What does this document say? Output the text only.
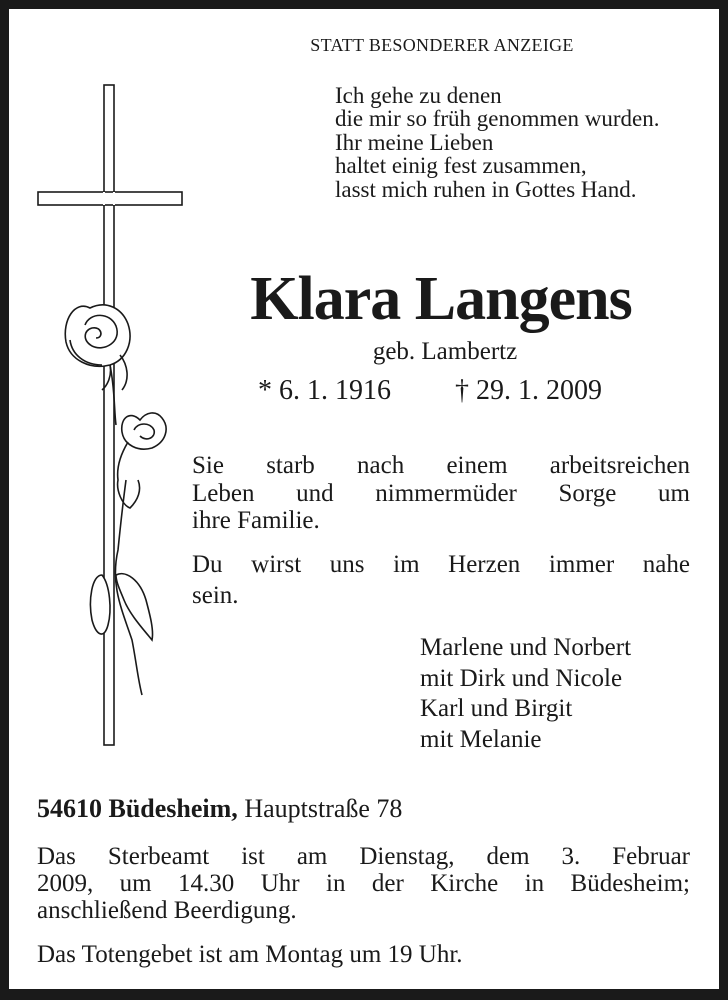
STATT BESONDERER ANZEIGE
Ich gehe zu denen
die mir so früh genommen wurden.
Ihr meine Lieben
haltet einig fest zusammen,
lasst mich ruhen in Gottes Hand.
Klara Langens
geb. Lambertz
* 6. 1. 1916 † 29. 1. 2009
Sie starb nach einem arbeitsreichen
Leben und nimmermüder Sorge um
ihre Familie.
Du wirst uns im Herzen immer nahe
sein.
Marlene und Norbert
mit Dirk und Nicole
Karl und Birgit
mit Melanie
54610 Büdesheim, Hauptstraße 78
Das Sterbeamt ist am Dienstag, dem 3. Februar
2009, um 14.30 Uhr in der Kirche in Büdesheim;
anschließend Beerdigung.
Das Totengebet ist am Montag um 19 Uhr.
